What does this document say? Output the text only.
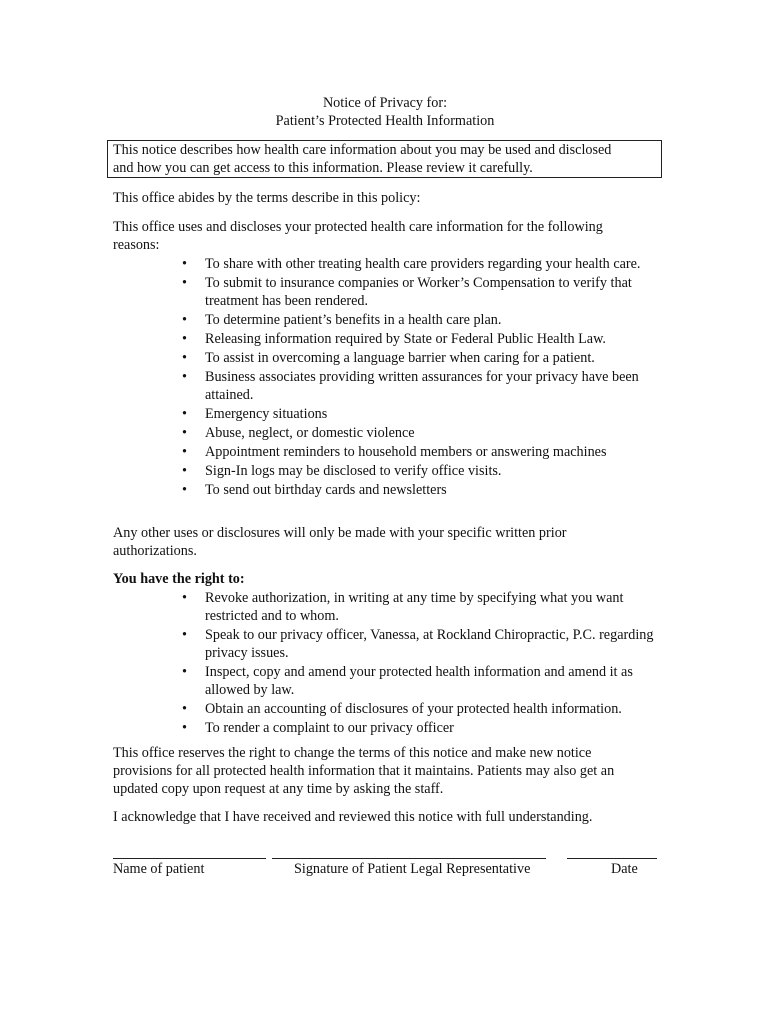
Notice of Privacy for:
Patient’s Protected Health Information
This notice describes how health care information about you may be used and disclosed
and how you can get access to this information. Please review it carefully.

This office abides by the terms describe in this policy:

This office uses and discloses your protected health care information for the following
reasons:

• To share with other treating health care providers regarding your health care.
• To submit to insurance companies or Worker’s Compensation to verify that treatment has been rendered.
• To determine patient’s benefits in a health care plan.
• Releasing information required by State or Federal Public Health Law.
• To assist in overcoming a language barrier when caring for a patient.
• Business associates providing written assurances for your privacy have been attained.
• Emergency situations
• Abuse, neglect, or domestic violence
• Appointment reminders to household members or answering machines
• Sign-In logs may be disclosed to verify office visits.
• To send out birthday cards and newsletters

Any other uses or disclosures will only be made with your specific written prior
authorizations.

You have the right to:

• Revoke authorization, in writing at any time by specifying what you want restricted and to whom.
• Speak to our privacy officer, Vanessa, at Rockland Chiropractic, P.C. regarding privacy issues.
• Inspect, copy and amend your protected health information and amend it as allowed by law.
• Obtain an accounting of disclosures of your protected health information.
• To render a complaint to our privacy officer

This office reserves the right to change the terms of this notice and make new notice
provisions for all protected health information that it maintains. Patients may also get an
updated copy upon request at any time by asking the staff.

I acknowledge that I have received and reviewed this notice with full understanding.

Name of patient	Signature of Patient Legal Representative	Date
